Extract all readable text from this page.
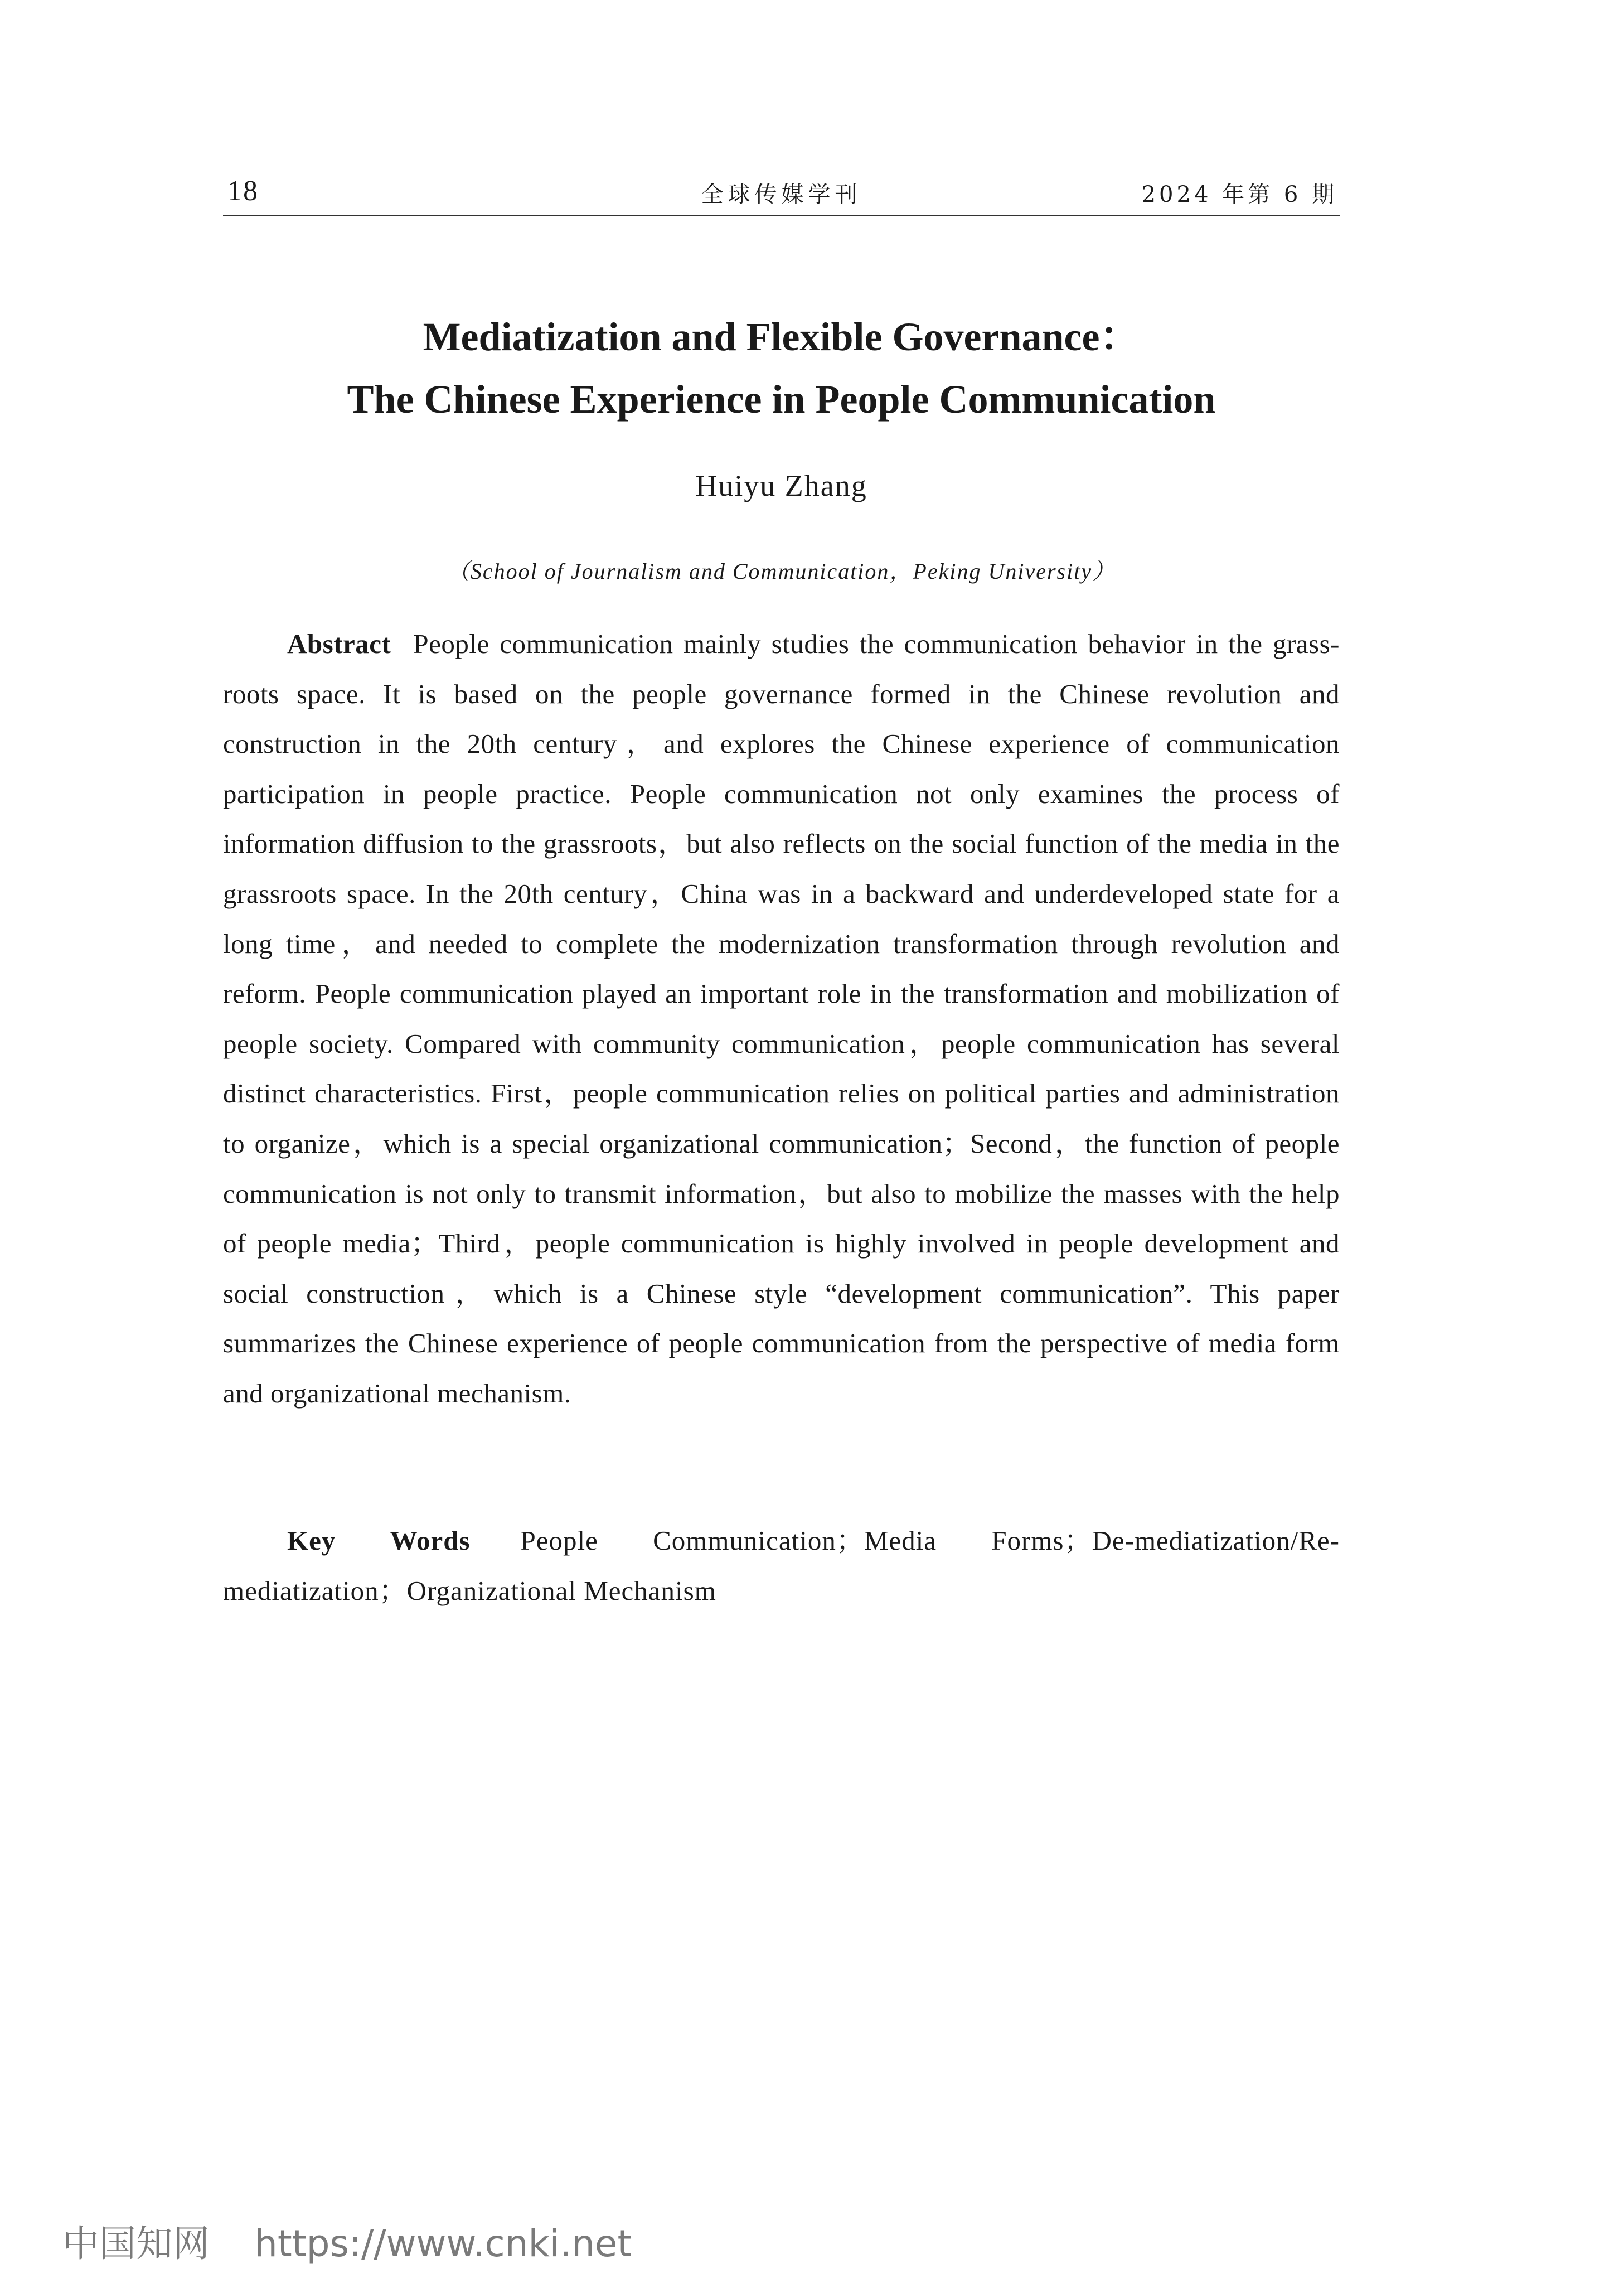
18	全球传媒学刊	2024 年第 6 期
Mediatization and Flexible Governance：
The Chinese Experience in People Communication
Huiyu Zhang
（School of Journalism and Communication，Peking University）
Abstract People communication mainly studies the communication behavior in the grass-roots space. It is based on the people governance formed in the Chinese revolution and construction in the 20th century，and explores the Chinese experience of communication participation in people practice. People communication not only examines the process of information diffusion to the grassroots，but also reflects on the social function of the media in the grassroots space. In the 20th century，China was in a backward and underdeveloped state for a long time，and needed to complete the modernization transformation through revolution and reform. People communication played an important role in the transformation and mobilization of people society. Compared with community communication，people communication has several distinct characteristics. First，people communication relies on political parties and administration to organize，which is a special organizational communication；Second，the function of people communication is not only to transmit information，but also to mobilize the masses with the help of people media；Third，people communication is highly involved in people development and social construction，which is a Chinese style “development communication”. This paper summarizes the Chinese experience of people communication from the perspective of media form and organizational mechanism.
Key Words People Communication；Media Forms；De-mediatization/Re-mediatization；Organizational Mechanism
中国知网 https://www.cnki.net
